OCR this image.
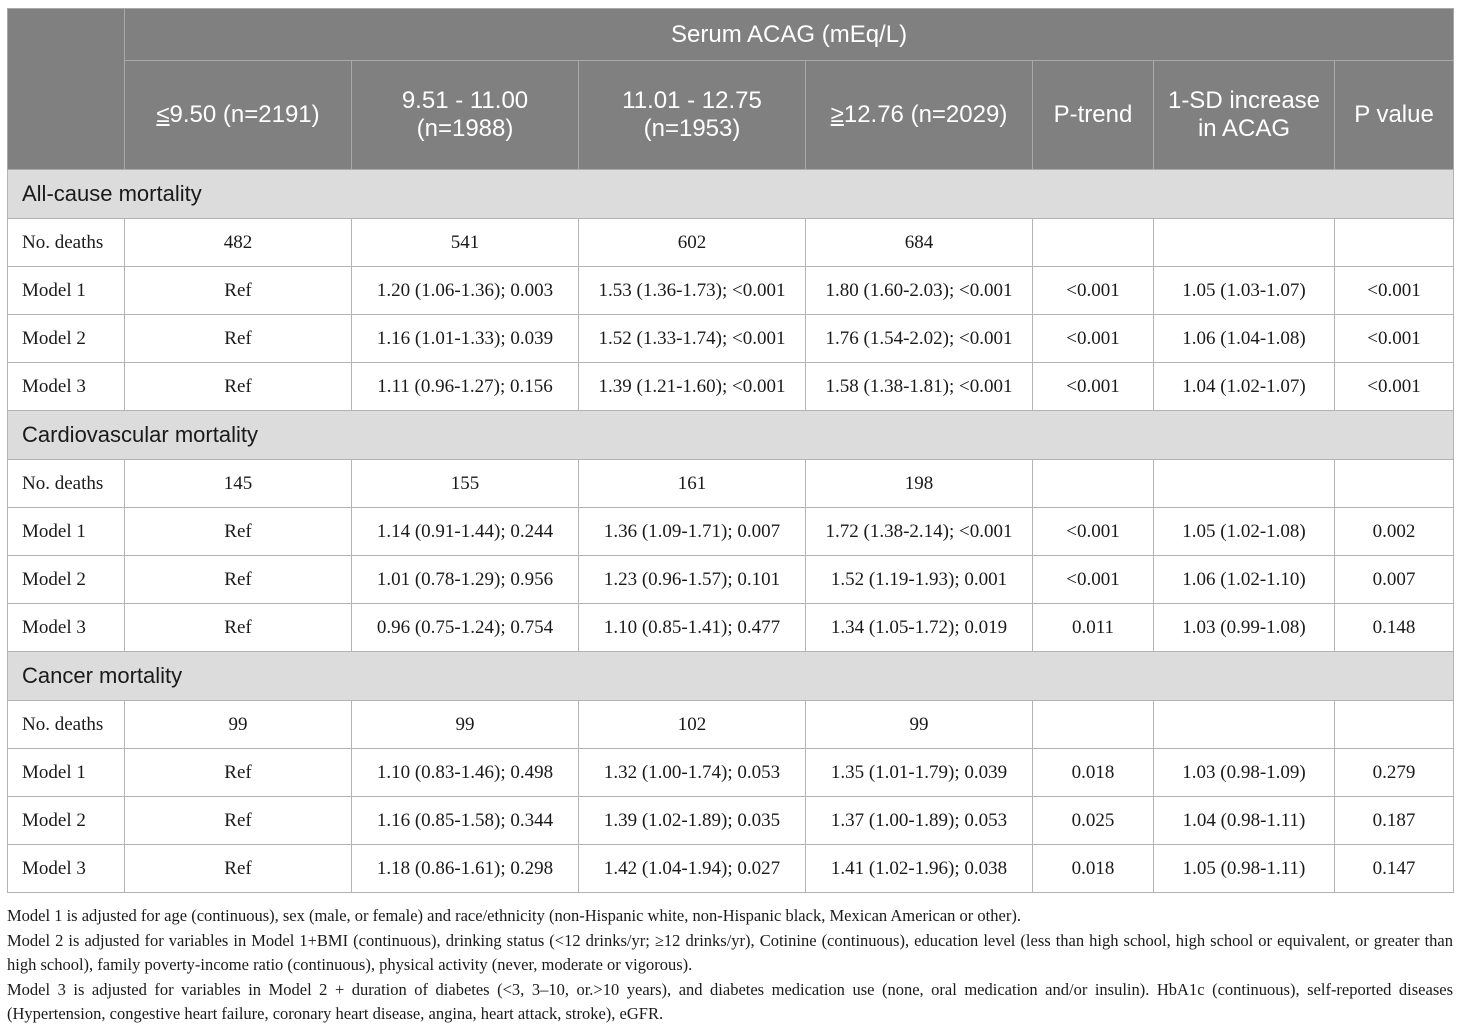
	Serum ACAG (mEq/L)						
	≤9.50 (n=2191)	9.51 - 11.00 (n=1988)	11.01 - 12.75 (n=1953)	≥12.76 (n=2029)	P-trend	1-SD increase in ACAG	P value
All-cause mortality							
No. deaths	482	541	602	684			
Model 1	Ref	1.20 (1.06-1.36); 0.003	1.53 (1.36-1.73); <0.001	1.80 (1.60-2.03); <0.001	<0.001	1.05 (1.03-1.07)	<0.001
Model 2	Ref	1.16 (1.01-1.33); 0.039	1.52 (1.33-1.74); <0.001	1.76 (1.54-2.02); <0.001	<0.001	1.06 (1.04-1.08)	<0.001
Model 3	Ref	1.11 (0.96-1.27); 0.156	1.39 (1.21-1.60); <0.001	1.58 (1.38-1.81); <0.001	<0.001	1.04 (1.02-1.07)	<0.001
Cardiovascular mortality							
No. deaths	145	155	161	198			
Model 1	Ref	1.14 (0.91-1.44); 0.244	1.36 (1.09-1.71); 0.007	1.72 (1.38-2.14); <0.001	<0.001	1.05 (1.02-1.08)	0.002
Model 2	Ref	1.01 (0.78-1.29); 0.956	1.23 (0.96-1.57); 0.101	1.52 (1.19-1.93); 0.001	<0.001	1.06 (1.02-1.10)	0.007
Model 3	Ref	0.96 (0.75-1.24); 0.754	1.10 (0.85-1.41); 0.477	1.34 (1.05-1.72); 0.019	0.011	1.03 (0.99-1.08)	0.148
Cancer mortality							
No. deaths	99	99	102	99			
Model 1	Ref	1.10 (0.83-1.46); 0.498	1.32 (1.00-1.74); 0.053	1.35 (1.01-1.79); 0.039	0.018	1.03 (0.98-1.09)	0.279
Model 2	Ref	1.16 (0.85-1.58); 0.344	1.39 (1.02-1.89); 0.035	1.37 (1.00-1.89); 0.053	0.025	1.04 (0.98-1.11)	0.187
Model 3	Ref	1.18 (0.86-1.61); 0.298	1.42 (1.04-1.94); 0.027	1.41 (1.02-1.96); 0.038	0.018	1.05 (0.98-1.11)	0.147

Model 1 is adjusted for age (continuous), sex (male, or female) and race/ethnicity (non-Hispanic white, non-Hispanic black, Mexican American or other).

Model 2 is adjusted for variables in Model 1+BMI (continuous), drinking status (<12 drinks/yr; ≥12 drinks/yr), Cotinine (continuous), education level (less than high school, high school or equivalent, or greater than high school), family poverty-income ratio (continuous), physical activity (never, moderate or vigorous).

Model 3 is adjusted for variables in Model 2 + duration of diabetes (<3, 3–10, or.>10 years), and diabetes medication use (none, oral medication and/or insulin). HbA1c (continuous), self-reported diseases (Hypertension, congestive heart failure, coronary heart disease, angina, heart attack, stroke), eGFR.
